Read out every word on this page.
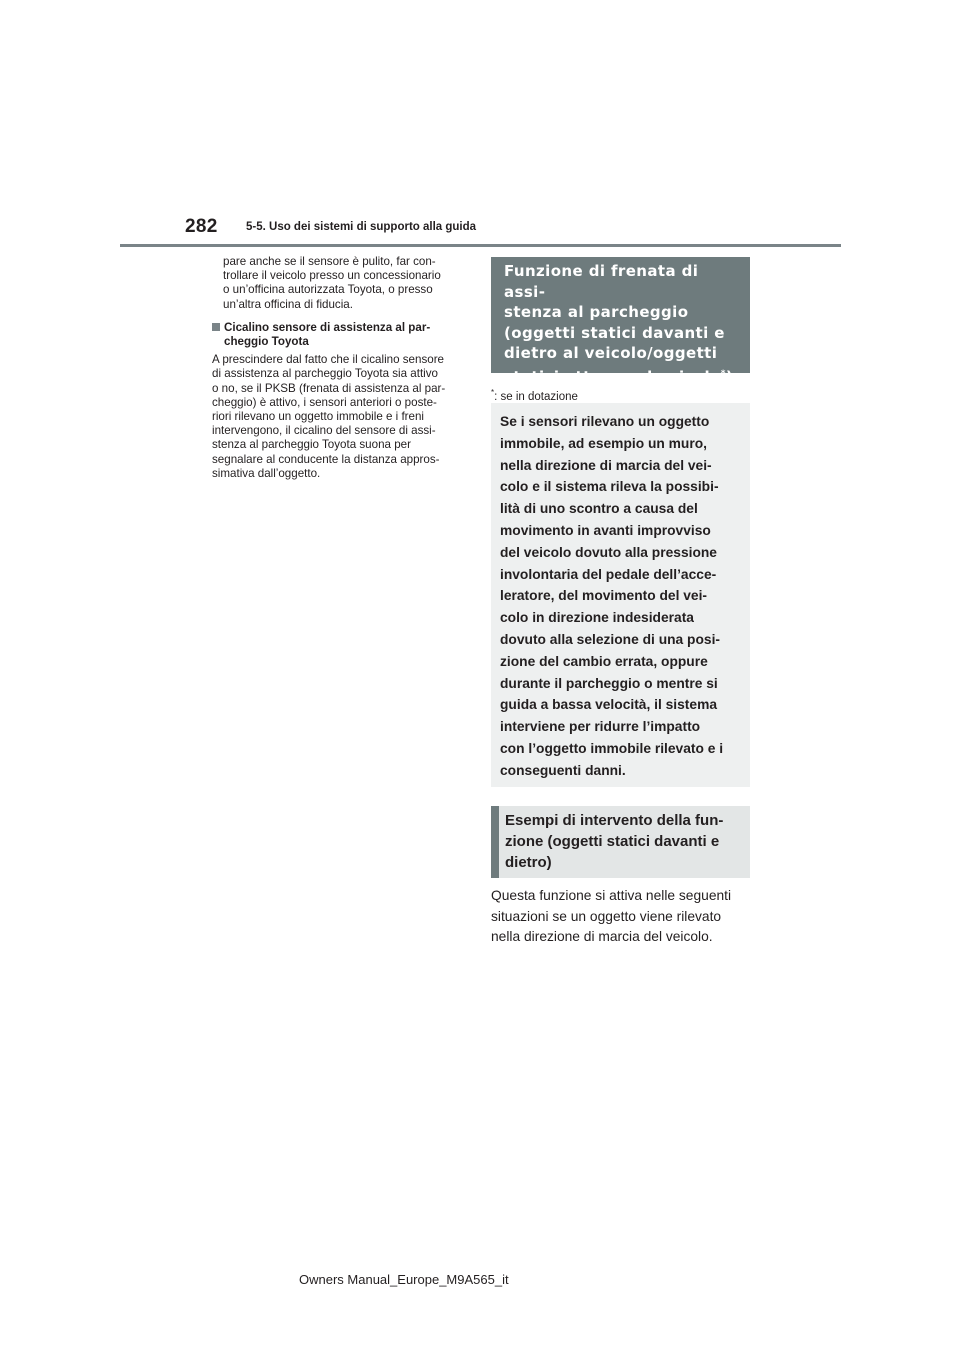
282 5-5. Uso dei sistemi di supporto alla guida

pare anche se il sensore è pulito, far con-
trollare il veicolo presso un concessionario
o un’officina autorizzata Toyota, o presso
un’altra officina di fiducia.

Cicalino sensore di assistenza al par-
cheggio Toyota

A prescindere dal fatto che il cicalino sensore
di assistenza al parcheggio Toyota sia attivo
o no, se il PKSB (frenata di assistenza al par-
cheggio) è attivo, i sensori anteriori o poste-
riori rilevano un oggetto immobile e i freni
intervengono, il cicalino del sensore di assi-
stenza al parcheggio Toyota suona per
segnalare al conducente la distanza appros-
simativa dall’oggetto.

Funzione di frenata di assi-
stenza al parcheggio
(oggetti statici davanti e
dietro al veicolo/oggetti
statici attorno al veicolo*)
*: se in dotazione
Se i sensori rilevano un oggetto
immobile, ad esempio un muro,
nella direzione di marcia del vei-
colo e il sistema rileva la possibi-
lità di uno scontro a causa del
movimento in avanti improvviso
del veicolo dovuto alla pressione
involontaria del pedale dell’acce-
leratore, del movimento del vei-
colo in direzione indesiderata
dovuto alla selezione di una posi-
zione del cambio errata, oppure
durante il parcheggio o mentre si
guida a bassa velocità, il sistema
interviene per ridurre l’impatto
con l’oggetto immobile rilevato e i
conseguenti danni.
Esempi di intervento della fun-
zione (oggetti statici davanti e
dietro)
Questa funzione si attiva nelle seguenti
situazioni se un oggetto viene rilevato
nella direzione di marcia del veicolo.
Owners Manual_Europe_M9A565_it
